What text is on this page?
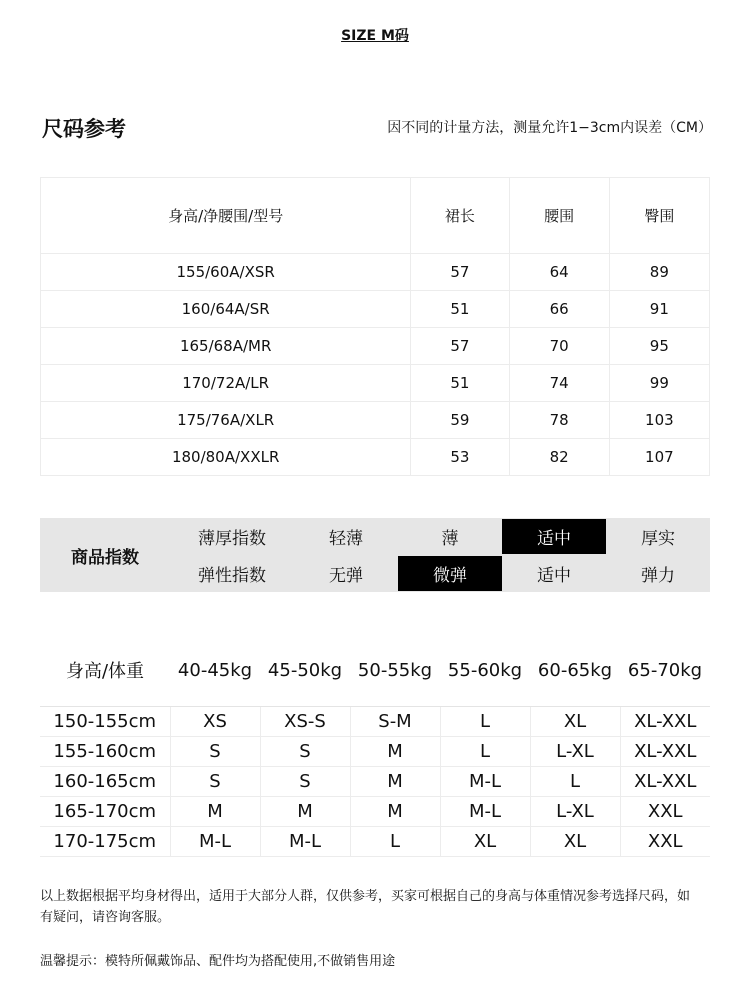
SIZE M码
尺码参考	因不同的计量方法，测量允许1−3cm内误差（CM）
身高/净腰围/型号	裙长	腰围	臀围
155/60A/XSR	57	64	89
160/64A/SR	51	66	91
165/68A/MR	57	70	95
170/72A/LR	51	74	99
175/76A/XLR	59	78	103
180/80A/XXLR	53	82	107
商品指数
薄厚指数	轻薄	薄	适中	厚实
弹性指数	无弹	微弹	适中	弹力
身高/体重	40-45kg	45-50kg	50-55kg	55-60kg	60-65kg	65-70kg
150-155cm	XS	XS-S	S-M	L	XL	XL-XXL
155-160cm	S	S	M	L	L-XL	XL-XXL
160-165cm	S	S	M	M-L	L	XL-XXL
165-170cm	M	M	M	M-L	L-XL	XXL
170-175cm	M-L	M-L	L	XL	XL	XXL
以上数据根据平均身材得出，适用于大部分人群，仅供参考，买家可根据自己的身高与体重情况参考选择尺码，如有疑问，请咨询客服。
温馨提示：模特所佩戴饰品、配件均为搭配使用,不做销售用途
